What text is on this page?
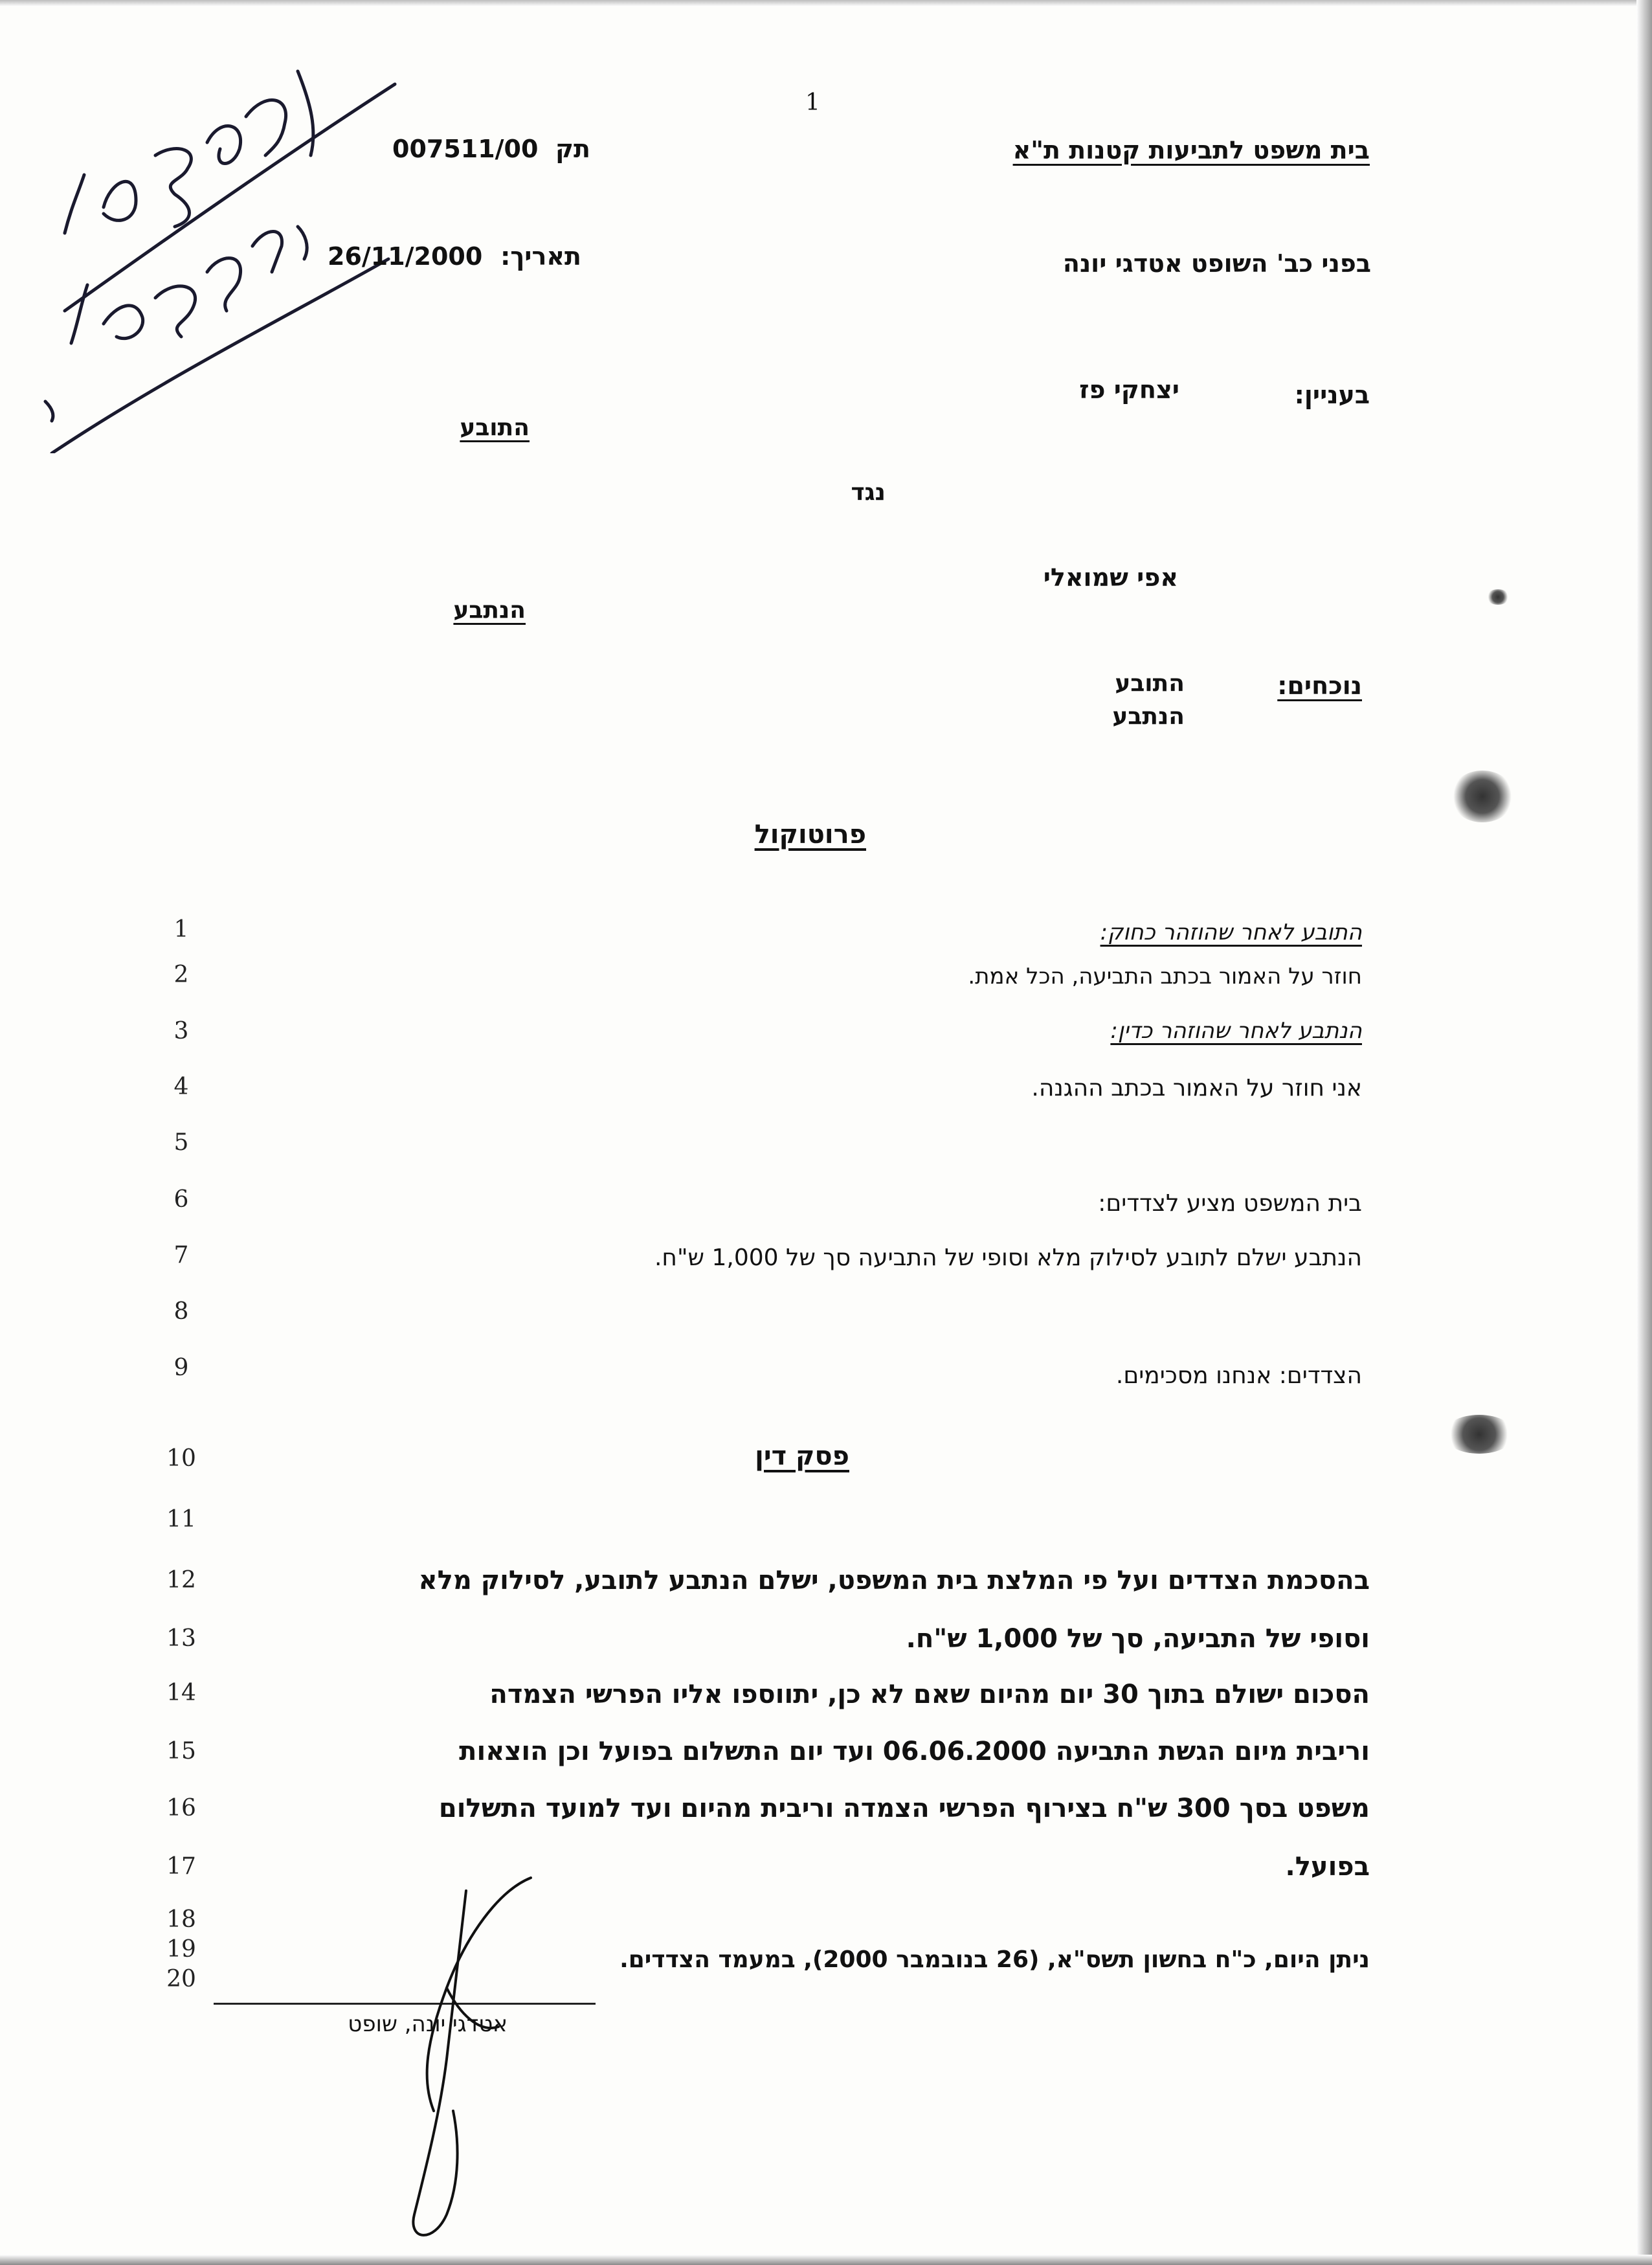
1
בית משפט לתביעות קטנות ת"א
תק
007511/00
בפני כב' השופט אטדגי יונה
תאריך:
26/11/2000
בעניין:
יצחקי פז
התובע
נגד
אפי שמואלי
הנתבע
נוכחים:
התובע
הנתבע
פרוטוקול
1	התובע לאחר שהוזהר כחוק:
2	חוזר על האמור בכתב התביעה, הכל אמת.
3	הנתבע לאחר שהוזהר כדין:
4	אני חוזר על האמור בכתב ההגנה.
5
6	בית המשפט מציע לצדדים:
7	הנתבע ישלם לתובע לסילוק מלא וסופי של התביעה סך של 1,000 ש"ח.
8
9	הצדדים: אנחנו מסכימים.
10	פסק דין
11
12	בהסכמת הצדדים ועל פי המלצת בית המשפט, ישלם הנתבע לתובע, לסילוק מלא
13	וסופי של התביעה, סך של 1,000 ש"ח.
14	הסכום ישולם בתוך 30 יום מהיום שאם לא כן, יתווספו אליו הפרשי הצמדה
15	וריבית מיום הגשת התביעה 06.06.2000 ועד יום התשלום בפועל וכן הוצאות
16	משפט בסך 300 ש"ח בצירוף הפרשי הצמדה וריבית מהיום ועד למועד התשלום
17	בפועל.
18
19
20
ניתן היום, כ"ח בחשון תשס"א, (26 בנובמבר 2000), במעמד הצדדים.
אטדגי יונה, שופט
